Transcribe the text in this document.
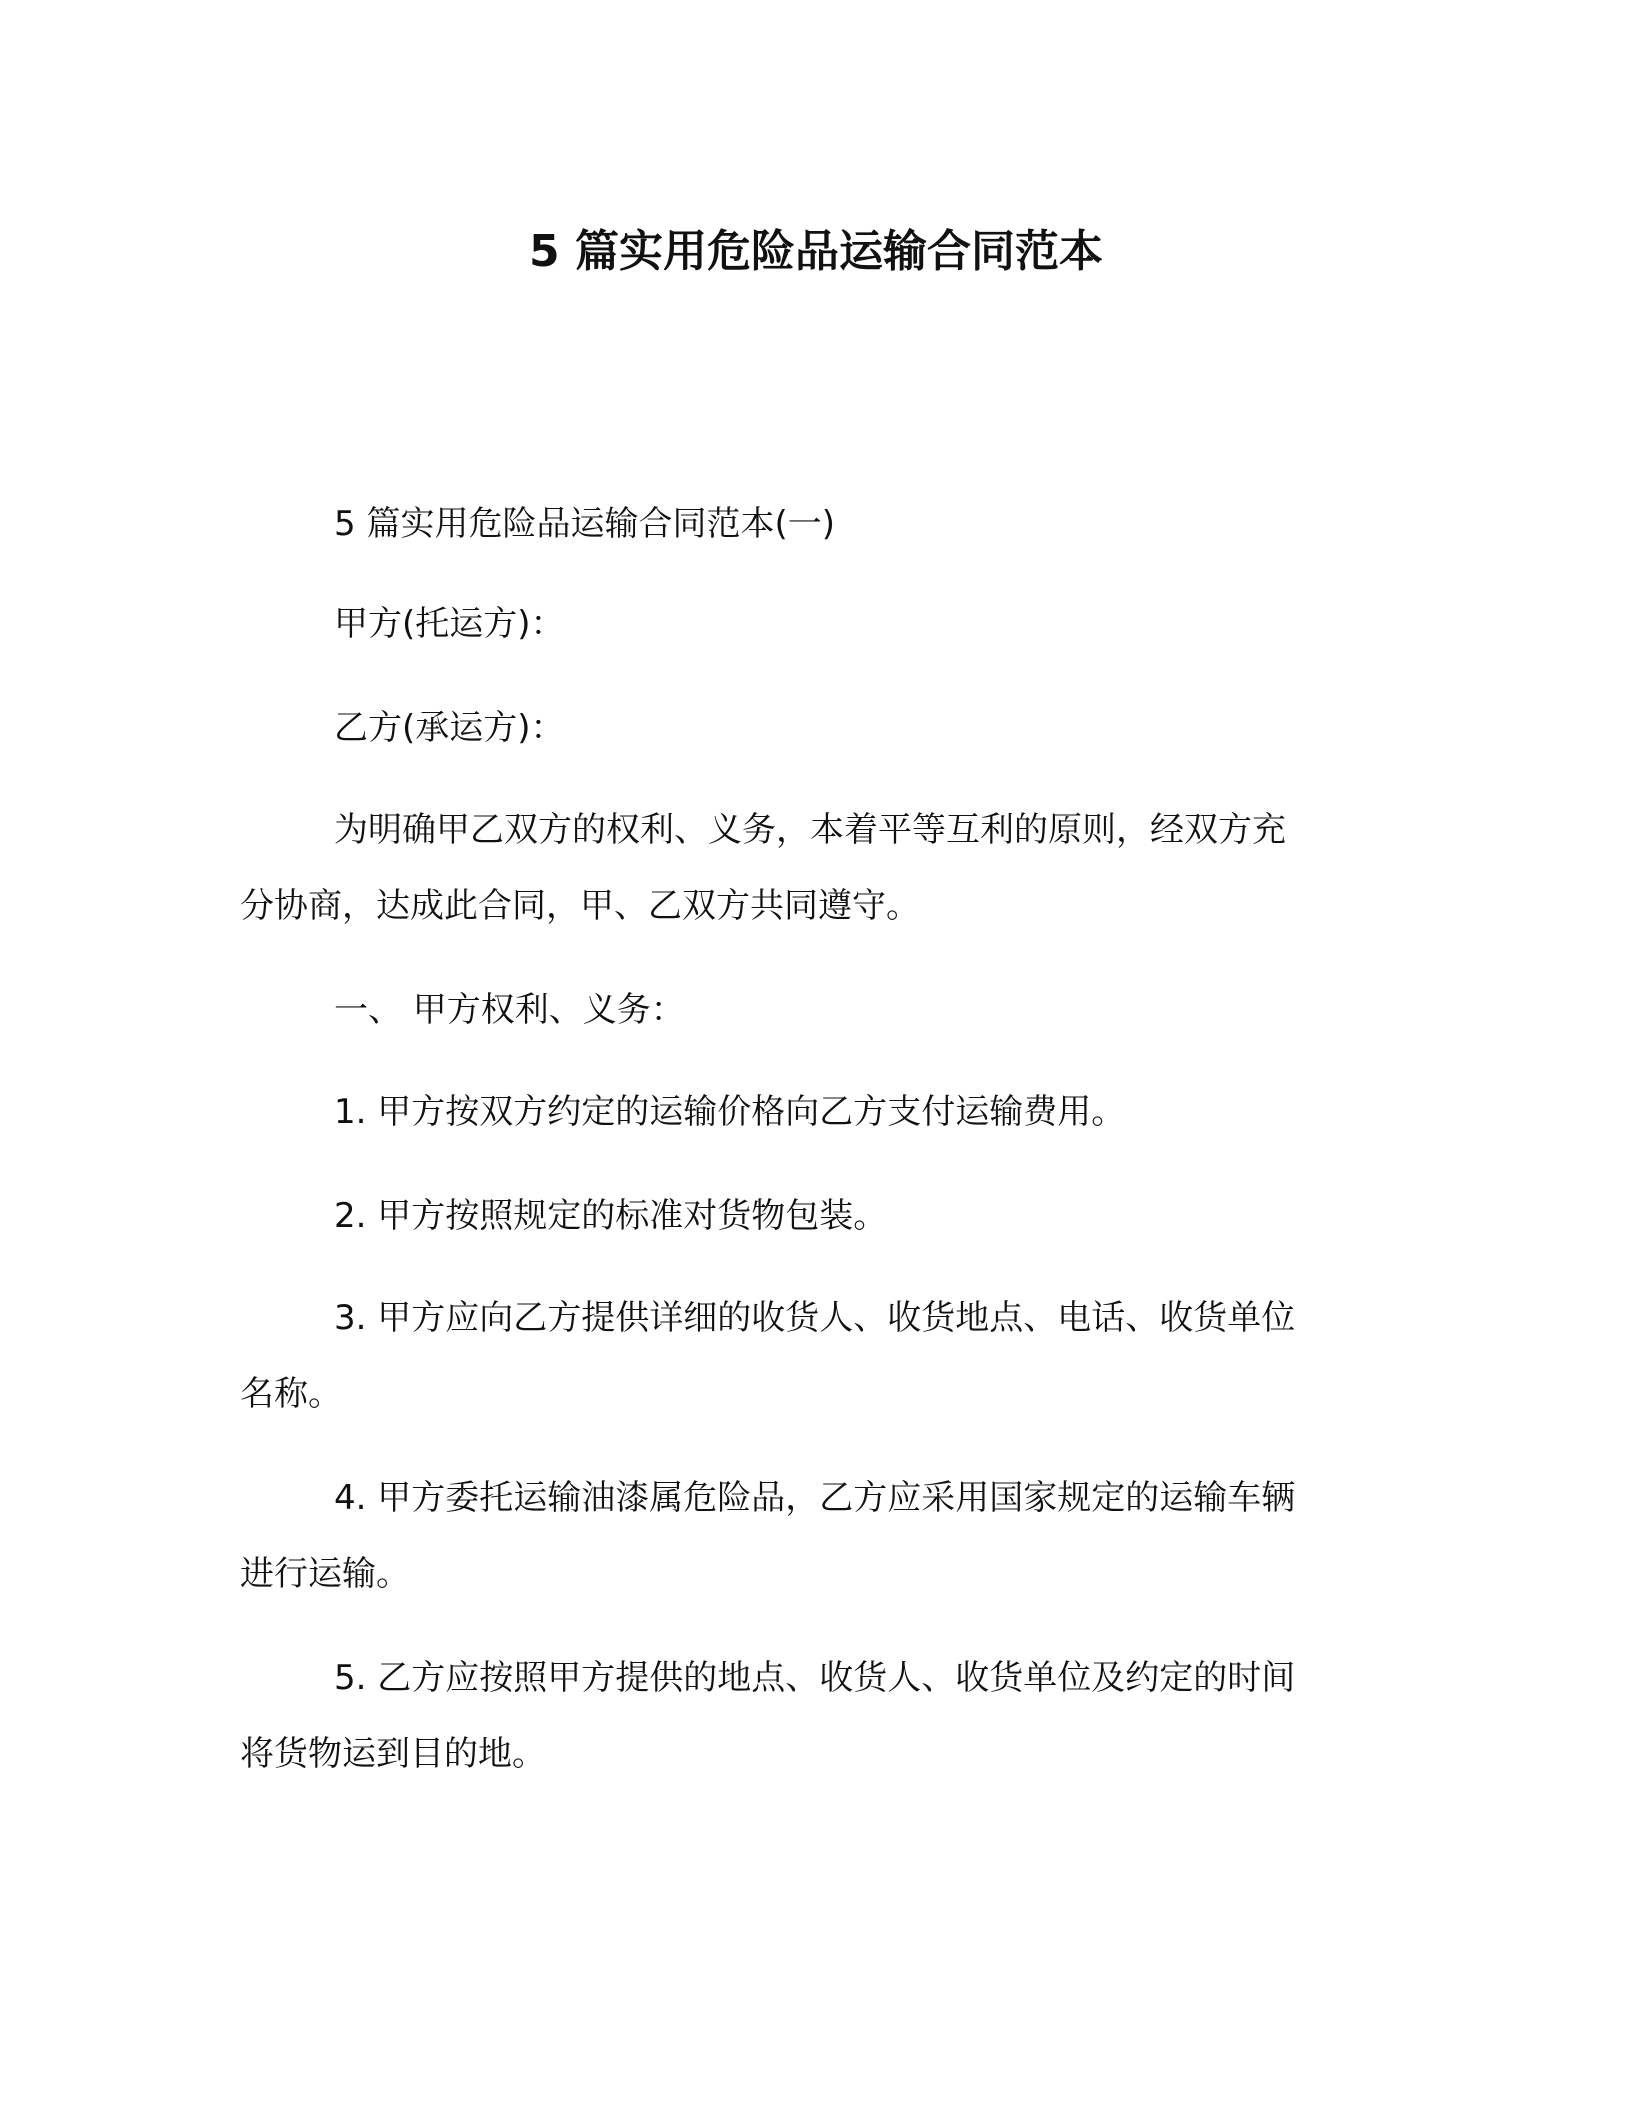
5 篇实用危险品运输合同范本

5 篇实用危险品运输合同范本(一)

甲方(托运方)：

乙方(承运方)：

为明确甲乙双方的权利、义务，本着平等互利的原则，经双方充
分协商，达成此合同，甲、乙双方共同遵守。

一、 甲方权利、义务：

1. 甲方按双方约定的运输价格向乙方支付运输费用。

2. 甲方按照规定的标准对货物包装。

3. 甲方应向乙方提供详细的收货人、收货地点、电话、收货单位
名称。

4. 甲方委托运输油漆属危险品，乙方应采用国家规定的运输车辆
进行运输。

5. 乙方应按照甲方提供的地点、收货人、收货单位及约定的时间
将货物运到目的地。
